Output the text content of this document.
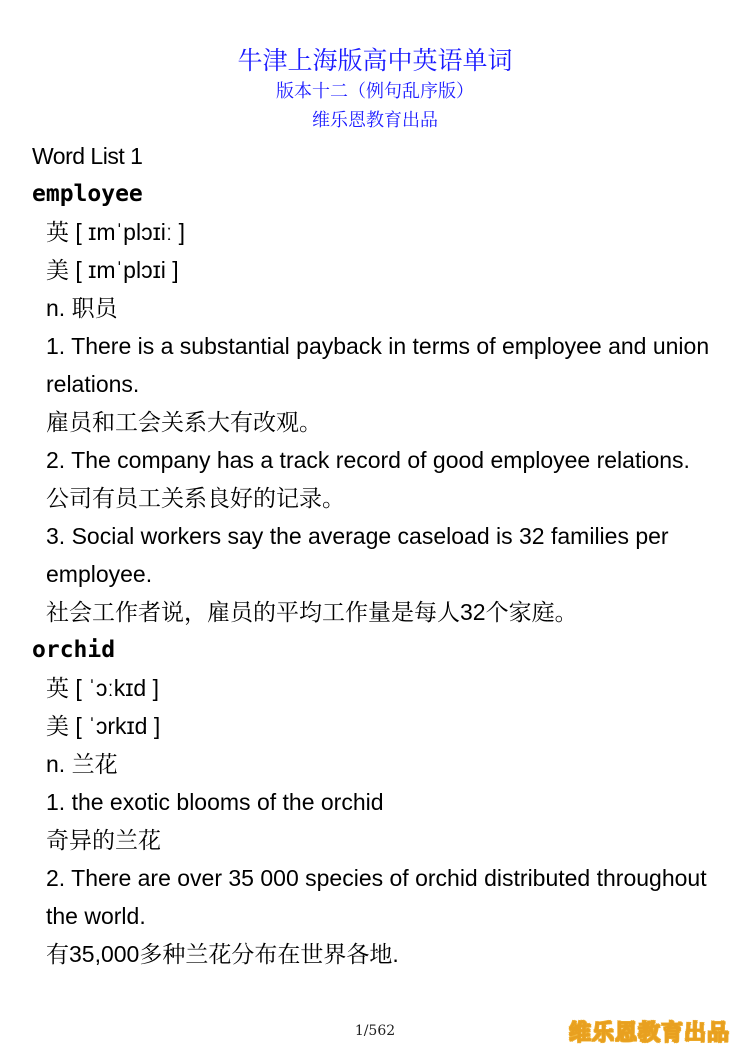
牛津上海版高中英语单词
版本十二（例句乱序版）
维乐恩教育出品
Word List 1
employee
英 [ ɪmˈplɔɪiː ]
美 [ ɪmˈplɔɪi ]
n. 职员
1. There is a substantial payback in terms of employee and union relations.
雇员和工会关系大有改观。
2. The company has a track record of good employee relations.
公司有员工关系良好的记录。
3. Social workers say the average caseload is 32 families per employee.
社会工作者说，雇员的平均工作量是每人32个家庭。
orchid
英 [ ˈɔːkɪd ]
美 [ ˈɔrkɪd ]
n. 兰花
1. the exotic blooms of the orchid
奇异的兰花
2. There are over 35 000 species of orchid distributed throughout the world.
有35,000多种兰花分布在世界各地.
1/562	维乐恩教育出品
